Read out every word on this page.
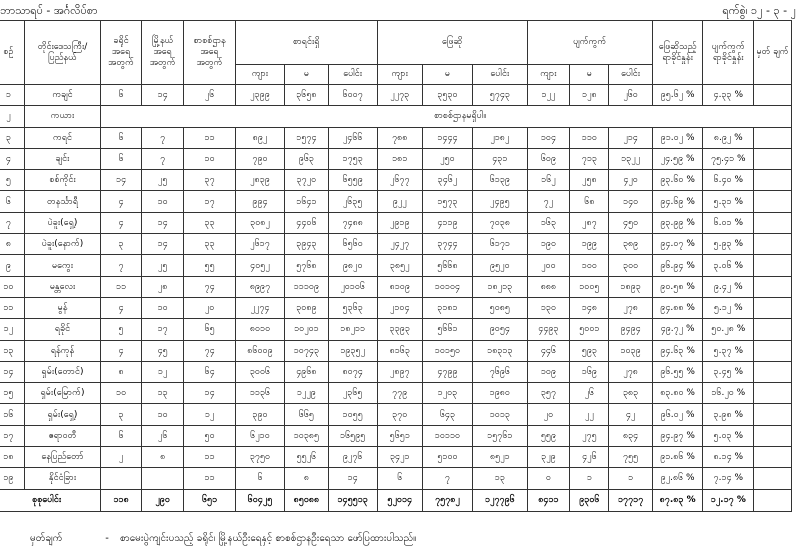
ဘာသာရပ် - အင်္ဂလိပ်စာ	ရက်စွဲ၊ ၁၂ - ၃ - ၂
စဉ်	တိုင်းဒေသကြီး/ ပြည်နယ်	ခရိုင် အရေ အတွက်	မြို့နယ် အရေ အတွက်	စာစစ်ဌာန အရေ အတွက်	စာရင်းရှိ			ဖြေဆို			ပျက်ကွက်			ဖြေဆိုသည့် ရာခိုင်နှုန်း	ပျက်ကွက် ရာခိုင်နှုန်း	မှတ် ချက်
					ကျား	မ	ပေါင်း	ကျား	မ	ပေါင်း	ကျား	မ	ပေါင်း			
၁	ကချင်	၆	၁၄	၂၆	၂၃၉၉	၃၆၅၈	၆၀၀၇	၂၂၇၃	၃၅၃၀	၅၇၄၃	၁၂၂	၁၂၈	၂၆၀	၉၅.၆၂ %	၄.၃၃ %	
၂	ကယား	စာစစ်ဌာနမရှိပါ။														
၃	ကရင်	၆	၇	၁၁	၈၉၂	၁၅၇၄	၂၄၆၆	၇၈၈	၁၄၄၄	၂၁၈၂	၁၀၄	၁၁၀	၂၁၄	၉၁.၀၂ %	၈.၉၂ %	
၄	ချင်း	၆	၇	၁၀	၇၉၀	၉၆၃	၁၇၅၃	၁၈၁	၂၅၀	၄၃၁	၆၀၉	၇၁၃	၁၃၂၂	၂၄.၅၉ %	၇၅.၄၁ %	
၅	စစ်ကိုင်း	၁၄	၂၅	၃၇	၂၈၃၉	၃၇၂၀	၆၅၅၉	၂၆၇၇	၃၄၆၂	၆၁၃၉	၁၆၂	၂၅၈	၄၂၀	၉၃.၆၀ %	၆.၄၀ %	
၆	တနင်္သာရီ	၄	၁၀	၁၇	၉၉၄	၁၆၄၁	၂၆၃၅	၉၂၂	၁၅၇၃	၂၄၉၅	၇၂	၆၈	၁၄၀	၉၄.၆၉ %	၅.၃၁ %	
၇	ပဲခူး(ရှေ့)	၄	၁၄	၃၃	၃၀၈၂	၄၄၀၆	၇၄၈၈	၂၉၁၉	၄၁၁၉	၇၀၃၈	၁၆၃	၂၈၇	၄၅၀	၉၃.၉၉ %	၆.၀၁ %	
၈	ပဲခူး(နောက်)	၃	၁၄	၃၃	၂၆၁၇	၃၉၄၃	၆၅၆၀	၂၄၂၇	၃၇၄၄	၆၁၇၁	၁၉၀	၁၉၉	၃၈၉	၉၄.၀၇ %	၅.၉၃ %	
၉	မကွေး	၇	၂၅	၅၅	၄၀၅၂	၅၇၆၈	၉၈၂၀	၃၈၅၂	၅၆၆၈	၉၅၂၀	၂၀၀	၁၀၀	၃၀၀	၉၆.၉၄ %	၃.၀၆ %	
၁၀	မန္တလေး	၁၁	၂၈	၇၄	၈၉၉၇	၁၁၁၀၉	၂၀၁၀၆	၈၁၀၉	၁၀၁၀၄	၁၈၂၁၃	၈၈၈	၁၀၀၅	၁၈၉၃	၉၀.၅၈ %	၉.၄၂ %	
၁၁	မွန်	၄	၁၀	၂၀	၂၂၇၄	၃၀၈၉	၅၃၆၃	၂၁၀၄	၃၁၈၁	၅၀၈၅	၁၃၀	၁၄၈	၂၇၈	၉၄.၈၈ %	၅.၁၂ %	
၁၂	ရခိုင်	၅	၁၇	၆၅	၈၀၁၀	၁၀၂၀၁	၁၈၂၁၁	၃၃၉၃	၅၆၆၁	၉၀၅၄	၄၄၉၃	၅၀၀၁	၉၄၉၄	၄၉.၇၂ %	၅၀.၂၈ %	
၁၃	ရန်ကုန်	၄	၄၅	၇၄	၈၆၀၀၉	၁၀၇၄၃	၁၉၃၅၂	၈၁၆၃	၁၀၁၅၀	၁၈၃၁၃	၄၄၆	၅၉၃	၁၀၃၉	၉၄.၆၃ %	၅.၃၇ %	
၁၄	ရှမ်း(တောင်)	၈	၁၂	၆၄	၃၀၀၆	၄၉၆၈	၈၀၇၄	၂၈၉၇	၄၇၉၉	၇၆၉၆	၁၀၉	၁၆၉	၂၇၈	၉၆.၅၅ %	၃.၄၅ %	
၁၅	ရှမ်း(မြောက်)	၁၀	၁၃	၁၄	၁၁၃၆	၁၂၂၉	၂၃၆၅	၇၇၉	၁၂၀၃	၁၉၈၀	၃၅၇	၂၆	၃၈၃	၈၃.၈၀ %	၁၆.၂၀ %	
၁၆	ရှမ်း(ရှေ့)	၃	၁၀	၁၂	၃၉၀	၆၆၅	၁၀၅၅	၃၇၀	၆၄၃	၁၀၁၃	၂၀	၂၂	၄၂	၉၆.၀၂ %	၃.၉၈ %	
၁၇	ဧရာဝတီ	၆	၂၆	၅၀	၆၂၁၀	၁၀၃၈၅	၁၆၅၉၅	၅၆၅၁	၁၀၁၁၀	၁၅၇၆၁	၅၅၉	၂၇၅	၈၃၄	၉၄.၉၇ %	၅.၀၃ %	
၁၈	နေပြည်တော်	၂	၈	၁၁	၃၇၅၀	၅၅၂၆	၉၂၇၆	၃၄၂၁	၅၁၀၀	၈၅၂၁	၃၂၉	၄၂၆	၇၅၅	၉၁.၈၆ %	၈.၁၄ %	
၁၉	နိုင်ငံခြား			၁၁	၆	၈	၁၄	၆	၇	၁၃	၀	၁	၁	၉၂.၈၆ %	၇.၁၄ %	
စုစုပေါင်း		၁၁၈	၂၉၀	၆၅၁	၆၀၄၂၅	၈၅၀၈၈	၁၄၅၅၁၃	၅၂၀၁၄	၇၅၇၈၂	၁၂၇၇၉၆	၈၄၁၁	၉၃၀၆	၁၇၇၁၇	၈၇.၈၃ %	၁၂.၁၇ %	
မှတ်ချက်	- စာမေးပွဲကျင်းပသည့် ခရိုင်၊ မြို့နယ်ဦးရေနှင့် စာစစ်ဌာနဦးရေသာ ဖော်ပြထားပါသည်။
